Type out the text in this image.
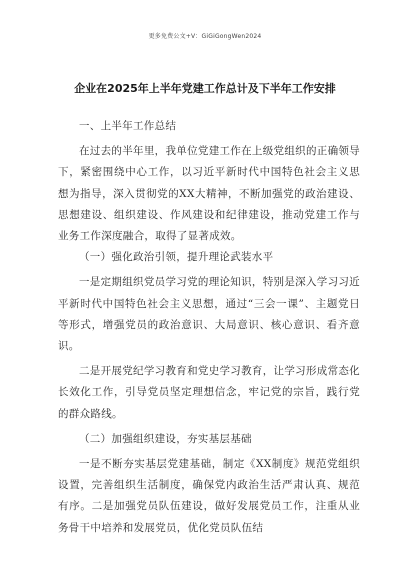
更多免费公文+V：GiGiGongWen2024
企业在2025年上半年党建工作总计及下半年工作安排

一、上半年工作总结

在过去的半年里，我单位党建工作在上级党组织的正确领导下，紧密围绕中心工作，以习近平新时代中国特色社会主义思想为指导，深入贯彻党的XX大精神，不断加强党的政治建设、思想建设、组织建设、作风建设和纪律建设，推动党建工作与业务工作深度融合，取得了显著成效。

（一）强化政治引领，提升理论武装水平

一是定期组织党员学习党的理论知识，特别是深入学习习近平新时代中国特色社会主义思想，通过“三会一课”、主题党日等形式，增强党员的政治意识、大局意识、核心意识、看齐意识。

二是开展党纪学习教育和党史学习教育，让学习形成常态化长效化工作，引导党员坚定理想信念，牢记党的宗旨，践行党的群众路线。

（二）加强组织建设，夯实基层基础

一是不断夯实基层党建基础，制定《XX制度》规范党组织设置，完善组织生活制度，确保党内政治生活严肃认真、规范有序。二是加强党员队伍建设，做好发展党员工作，注重从业务骨干中培养和发展党员，优化党员队伍结
